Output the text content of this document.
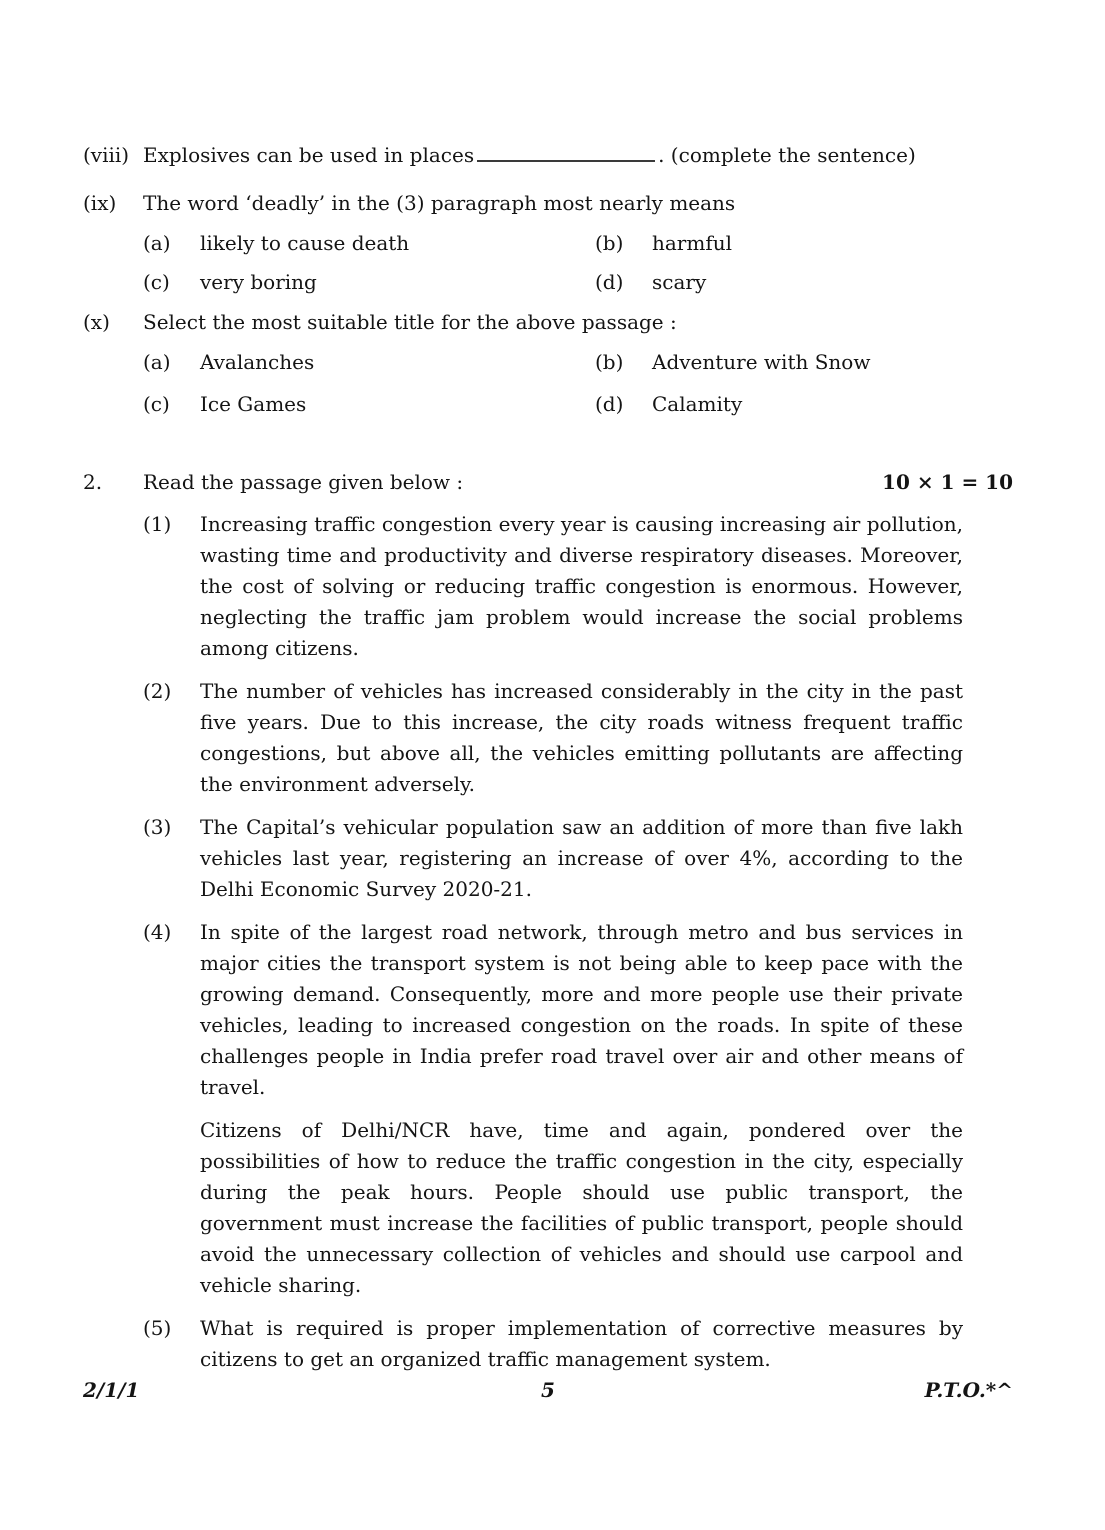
(viii) Explosives can be used in places	. (complete the sentence)
(ix)	The word ‘deadly’ in the (3) paragraph most nearly means
(a)	likely to cause death	(b)	harmful
(c)	very boring	(d)	scary
(x)	Select the most suitable title for the above passage :
(a)	Avalanches	(b)	Adventure with Snow
(c)	Ice Games	(d)	Calamity
2.	Read the passage given below :	10 × 1 = 10
(1)	Increasing traffic congestion every year is causing increasing air pollution, wasting time and productivity and diverse respiratory diseases. Moreover, the cost of solving or reducing traffic congestion is enormous. However, neglecting the traffic jam problem would increase the social problems among citizens.
(2)	The number of vehicles has increased considerably in the city in the past five years. Due to this increase, the city roads witness frequent traffic congestions, but above all, the vehicles emitting pollutants are affecting the environment adversely.
(3)	The Capital’s vehicular population saw an addition of more than five lakh vehicles last year, registering an increase of over 4%, according to the Delhi Economic Survey 2020-21.
(4)	In spite of the largest road network, through metro and bus services in major cities the transport system is not being able to keep pace with the growing demand. Consequently, more and more people use their private vehicles, leading to increased congestion on the roads. In spite of these challenges people in India prefer road travel over air and other means of travel.
Citizens of Delhi/NCR have, time and again, pondered over the possibilities of how to reduce the traffic congestion in the city, especially during the peak hours. People should use public transport, the government must increase the facilities of public transport, people should avoid the unnecessary collection of vehicles and should use carpool and vehicle sharing.
(5)	What is required is proper implementation of corrective measures by citizens to get an organized traffic management system.
2/1/1	5	P.T.O.*^
